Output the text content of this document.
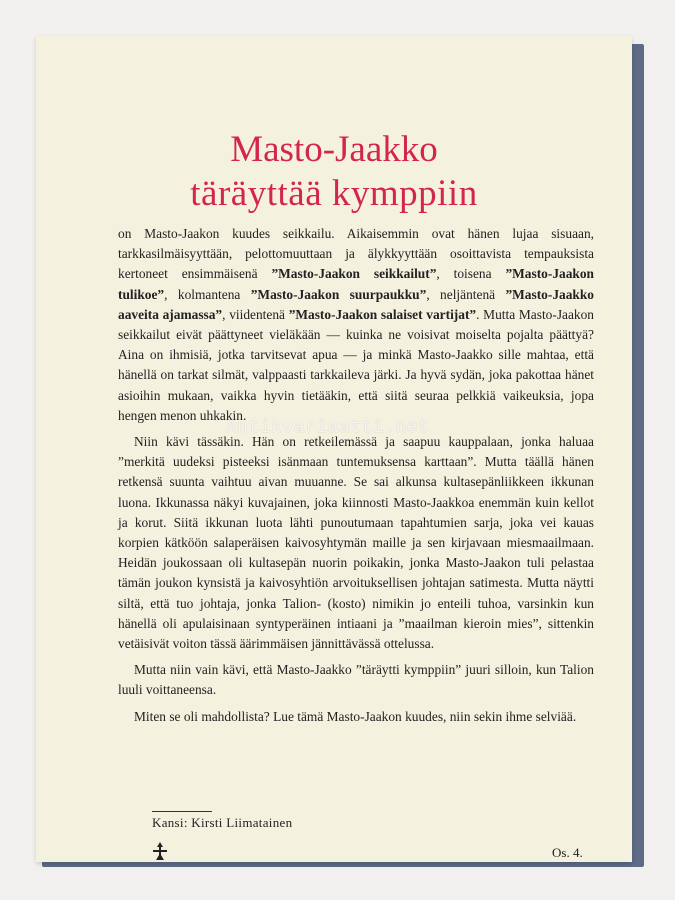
Masto-Jaakko
täräyttää kymppiin

on Masto-Jaakon kuudes seikkailu. Aikaisemmin ovat hänen lujaa sisuaan, tarkkasilmäisyyttään, pelottomuuttaan ja älykkyyttään osoittavista tempauksista kertoneet ensimmäisenä ”Masto-Jaakon seikkailut”, toisena ”Masto-Jaakon tulikoe”, kolmantena ”Masto-Jaakon suurpaukku”, neljäntenä ”Masto-Jaakko aaveita ajamassa”, viidentenä ”Masto-Jaakon salaiset vartijat”. Mutta Masto-Jaakon seikkailut eivät päättyneet vieläkään — kuinka ne voisivat moiselta pojalta päättyä? Aina on ihmisiä, jotka tarvitsevat apua — ja minkä Masto-Jaakko sille mahtaa, että hänellä on tarkat silmät, valppaasti tarkkaileva järki. Ja hyvä sydän, joka pakottaa hänet asioihin mukaan, vaikka hyvin tietääkin, että siitä seuraa pelkkiä vaikeuksia, jopa hengen menon uhkakin.

Niin kävi tässäkin. Hän on retkeilemässä ja saapuu kauppalaan, jonka haluaa ”merkitä uudeksi pisteeksi isänmaan tuntemuksensa karttaan”. Mutta täällä hänen retkensä suunta vaihtuu aivan muuanne. Se sai alkunsa kultasepänliikkeen ikkunan luona. Ikkunassa näkyi kuvajainen, joka kiinnosti Masto-Jaakkoa enemmän kuin kellot ja korut. Siitä ikkunan luota lähti punoutumaan tapahtumien sarja, joka vei kauas korpien kätköön salaperäisen kaivosyhtymän maille ja sen kirjavaan miesmaailmaan. Heidän joukossaan oli kultasepän nuorin poikakin, jonka Masto-Jaakon tuli pelastaa tämän joukon kynsistä ja kaivosyhtiön arvoituksellisen johtajan satimesta. Mutta näytti siltä, että tuo johtaja, jonka Talion- (kosto) nimikin jo enteili tuhoa, varsinkin kun hänellä oli apulaisinaan syntyperäinen intiaani ja ”maailman kieroin mies”, sittenkin vetäisivät voiton tässä äärimmäisen jännittävässä ottelussa.

Mutta niin vain kävi, että Masto-Jaakko ”täräytti kymppiin” juuri silloin, kun Talion luuli voittaneensa.

Miten se oli mahdollista? Lue tämä Masto-Jaakon kuudes, niin sekin ihme selviää.

Kansi: Kirsti Liimatainen
Os. 4.
Antikvariaatti.net
